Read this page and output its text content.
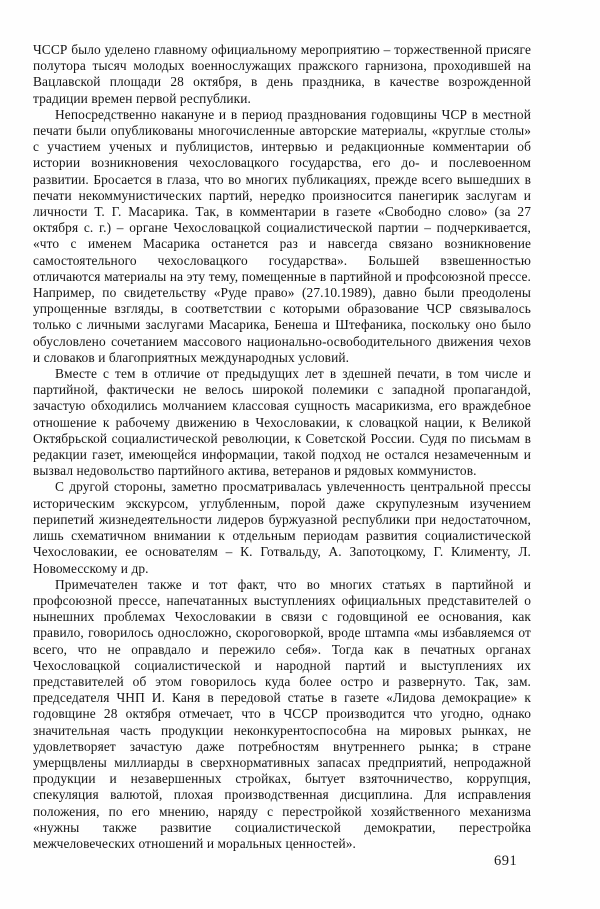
ЧССР было уделено главному официальному мероприятию – торжественной присяге полутора тысяч молодых военнослужащих пражского гарнизона, проходившей на Вацлавской площади 28 октября, в день праздника, в качестве возрожденной традиции времен первой республики.

Непосредственно накануне и в период празднования годовщины ЧСР в местной печати были опубликованы многочисленные авторские материалы, «круглые столы» с участием ученых и публицистов, интервью и редакционные комментарии об истории возникновения чехословацкого государства, его до- и послевоенном развитии. Бросается в глаза, что во многих публикациях, прежде всего вышедших в печати некоммунистических партий, нередко произносится панегирик заслугам и личности Т. Г. Масарика. Так, в комментарии в газете «Свободно слово» (за 27 октября с. г.) – органе Чехословацкой социалистической партии – подчеркивается, «что с именем Масарика останется раз и навсегда связано возникновение самостоятельного чехословацкого государства». Большей взвешенностью отличаются материалы на эту тему, помещенные в партийной и профсоюзной прессе. Например, по свидетельству «Руде право» (27.10.1989), давно были преодолены упрощенные взгляды, в соответствии с которыми образование ЧСР связывалось только с личными заслугами Масарика, Бенеша и Штефаника, поскольку оно было обусловлено сочетанием массового национально-освободительного движения чехов и словаков и благоприятных международных условий.

Вместе с тем в отличие от предыдущих лет в здешней печати, в том числе и партийной, фактически не велось широкой полемики с западной пропагандой, зачастую обходились молчанием классовая сущность масарикизма, его враждебное отношение к рабочему движению в Чехословакии, к словацкой нации, к Великой Октябрьской социалистической революции, к Советской России. Судя по письмам в редакции газет, имеющейся информации, такой подход не остался незамеченным и вызвал недовольство партийного актива, ветеранов и рядовых коммунистов.

С другой стороны, заметно просматривалась увлеченность центральной прессы историческим экскурсом, углубленным, порой даже скрупулезным изучением перипетий жизнедеятельности лидеров буржуазной республики при недостаточном, лишь схематичном внимании к отдельным периодам развития социалистической Чехословакии, ее основателям – К. Готвальду, А. Запотоцкому, Г. Клименту, Л. Новомесскому и др.

Примечателен также и тот факт, что во многих статьях в партийной и профсоюзной прессе, напечатанных выступлениях официальных представителей о нынешних проблемах Чехословакии в связи с годовщиной ее основания, как правило, говорилось односложно, скороговоркой, вроде штампа «мы избавляемся от всего, что не оправдало и пережило себя». Тогда как в печатных органах Чехословацкой социалистической и народной партий и выступлениях их представителей об этом говорилось куда более остро и развернуто. Так, зам. председателя ЧНП И. Каня в передовой статье в газете «Лидова демокрацие» к годовщине 28 октября отмечает, что в ЧССР производится что угодно, однако значительная часть продукции неконкурентоспособна на мировых рынках, не удовлетворяет зачастую даже потребностям внутреннего рынка; в стране умерщвлены миллиарды в сверхнормативных запасах предприятий, непродажной продукции и незавершенных стройках, бытует взяточничество, коррупция, спекуляция валютой, плохая производственная дисциплина. Для исправления положения, по его мнению, наряду с перестройкой хозяйственного механизма «нужны также развитие социалистической демократии, перестройка межчеловеческих отношений и моральных ценностей».

691
